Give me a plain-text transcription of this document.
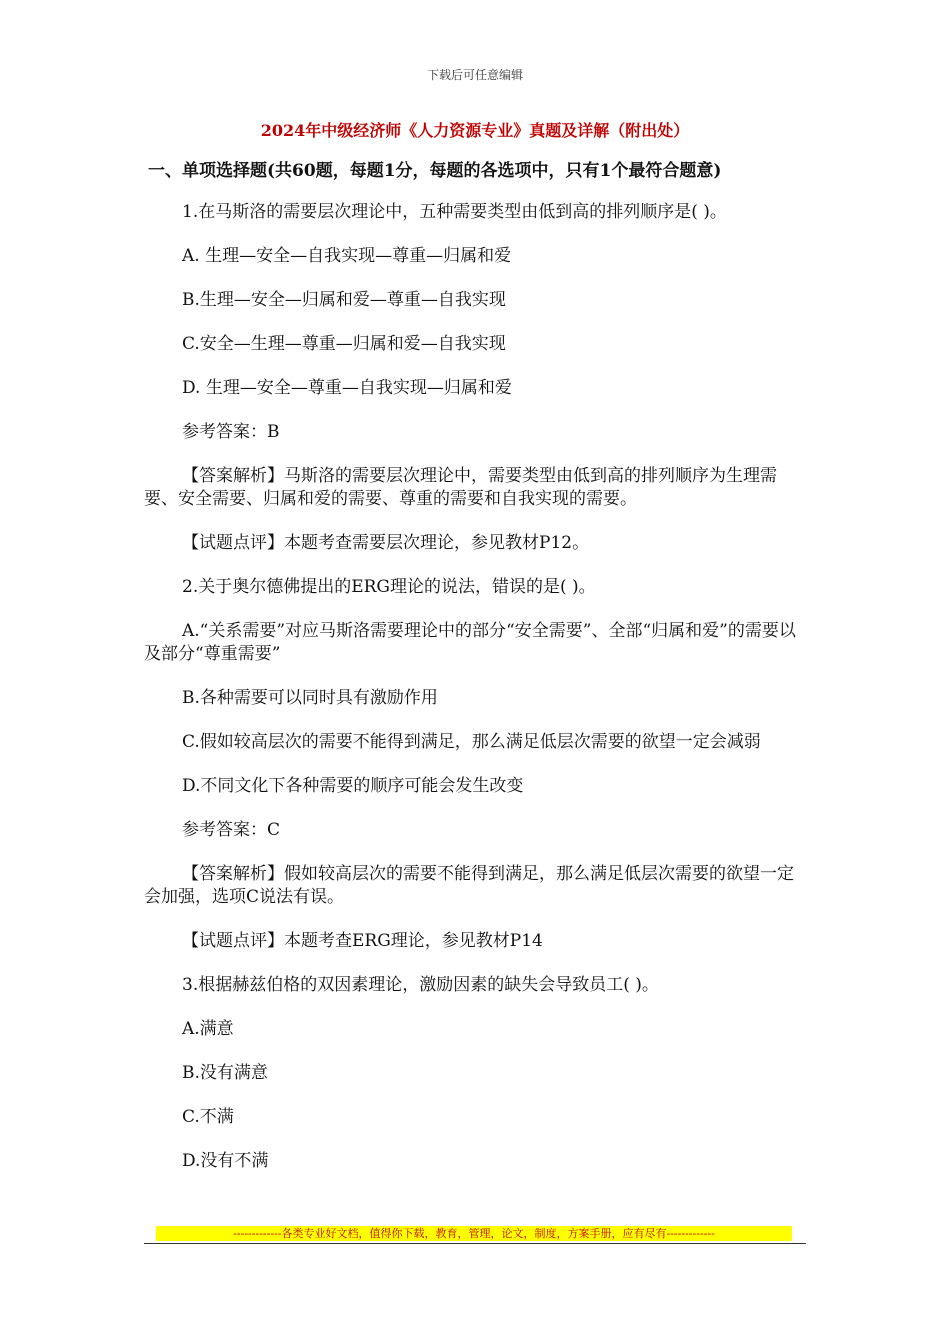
下载后可任意编辑
2024年中级经济师《人力资源专业》真题及详解（附出处）
一、单项选择题(共60题，每题1分，每题的各选项中，只有1个最符合题意)
1.在马斯洛的需要层次理论中，五种需要类型由低到高的排列顺序是( )。
A. 生理—安全—自我实现—尊重—归属和爱
B.生理—安全—归属和爱—尊重—自我实现
C.安全—生理—尊重—归属和爱—自我实现
D. 生理—安全—尊重—自我实现—归属和爱
参考答案：B
【答案解析】马斯洛的需要层次理论中，需要类型由低到高的排列顺序为生理需要、安全需要、归属和爱的需要、尊重的需要和自我实现的需要。
【试题点评】本题考查需要层次理论，参见教材P12。
2.关于奥尔德佛提出的ERG理论的说法，错误的是( )。
A.“关系需要”对应马斯洛需要理论中的部分“安全需要”、全部“归属和爱”的需要以及部分“尊重需要”
B.各种需要可以同时具有激励作用
C.假如较高层次的需要不能得到满足，那么满足低层次需要的欲望一定会减弱
D.不同文化下各种需要的顺序可能会发生改变
参考答案：C
【答案解析】假如较高层次的需要不能得到满足，那么满足低层次需要的欲望一定会加强，选项C说法有误。
【试题点评】本题考查ERG理论，参见教材P14
3.根据赫兹伯格的双因素理论，激励因素的缺失会导致员工( )。
A.满意
B.没有满意
C.不满
D.没有不满
-------------各类专业好文档，值得你下载，教育，管理，论文，制度，方案手册，应有尽有-------------
